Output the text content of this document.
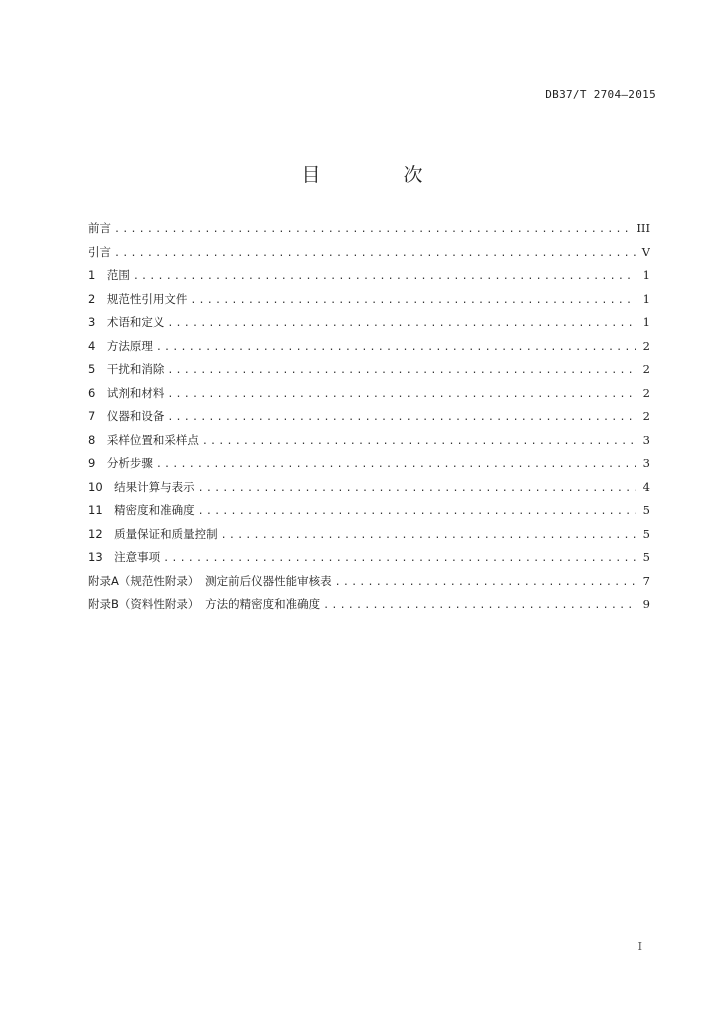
DB37/T 2704—2015
目　次
前言 .....	III
引言 .....	V
1　范围 .....	1
2　规范性引用文件 .....	1
3　术语和定义 .....	1
4　方法原理 .....	2
5　干扰和消除 .....	2
6　试剂和材料 .....	2
7　仪器和设备 .....	2
8　采样位置和采样点 .....	3
9　分析步骤 .....	3
10　结果计算与表示 .....	4
11　精密度和准确度 .....	5
12　质量保证和质量控制 .....	5
13　注意事项 .....	5
附录A（规范性附录）　测定前后仪器性能审核表 .....	7
附录B（资料性附录）　方法的精密度和准确度 .....	9
I
